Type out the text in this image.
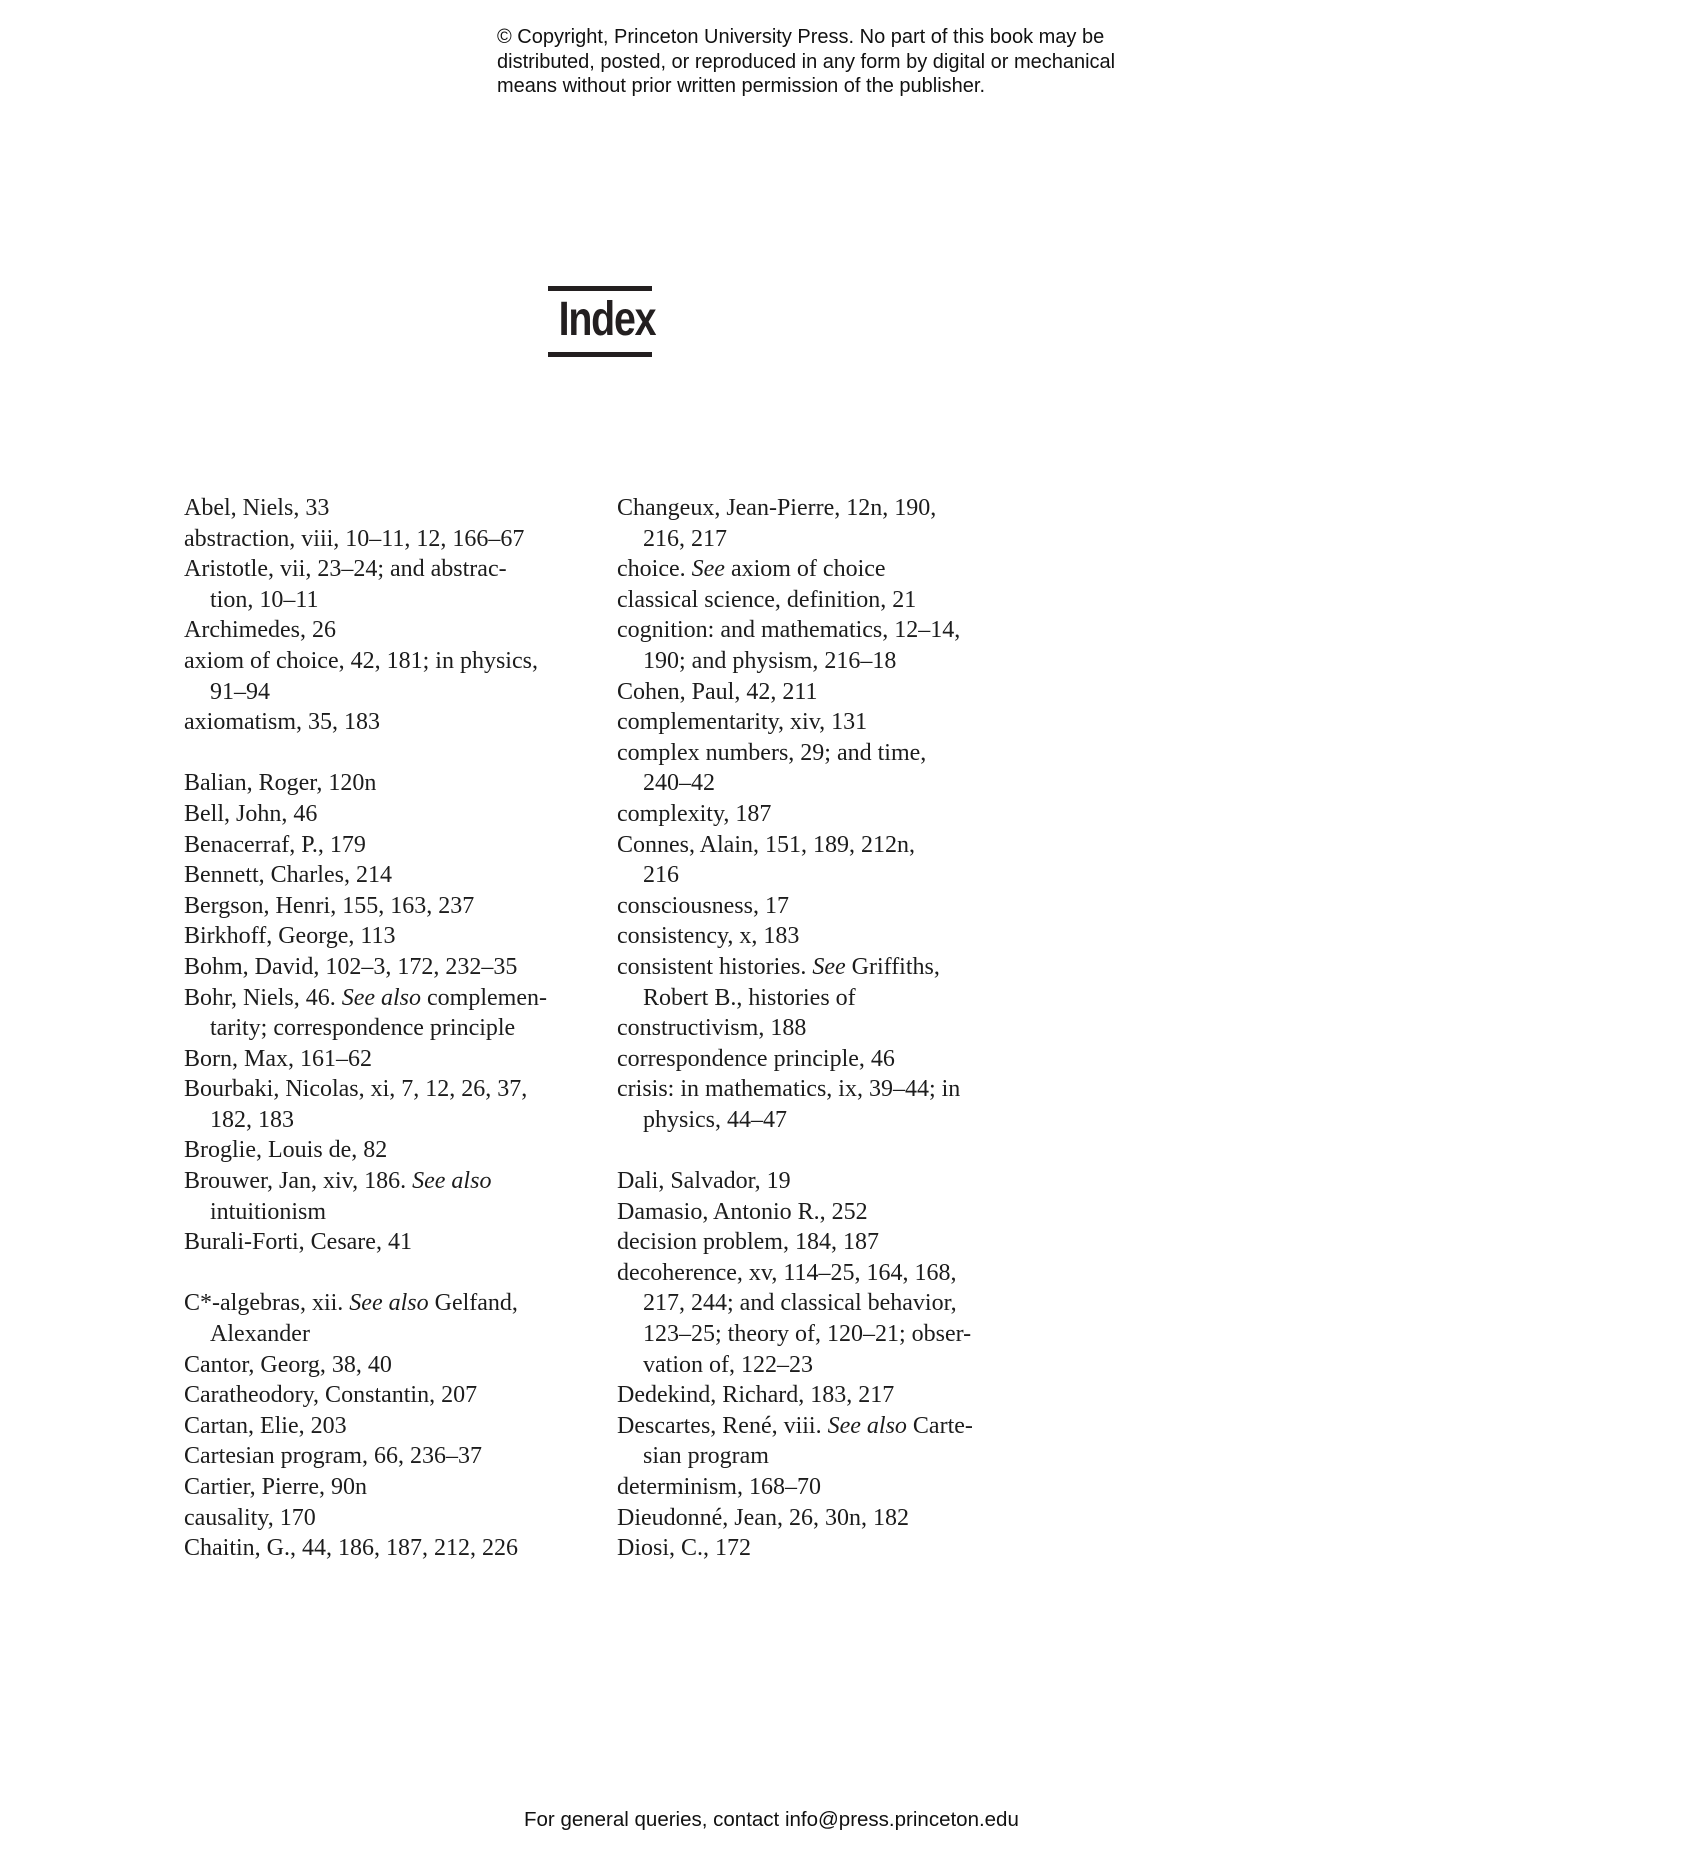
© Copyright, Princeton University Press. No part of this book may be
distributed, posted, or reproduced in any form by digital or mechanical
means without prior written permission of the publisher.
Index
Abel, Niels, 33
abstraction, viii, 10–11, 12, 166–67
Aristotle, vii, 23–24; and abstrac-
tion, 10–11
Archimedes, 26
axiom of choice, 42, 181; in physics,
91–94
axiomatism, 35, 183
Balian, Roger, 120n
Bell, John, 46
Benacerraf, P., 179
Bennett, Charles, 214
Bergson, Henri, 155, 163, 237
Birkhoff, George, 113
Bohm, David, 102–3, 172, 232–35
Bohr, Niels, 46. See also complemen-
tarity; correspondence principle
Born, Max, 161–62
Bourbaki, Nicolas, xi, 7, 12, 26, 37,
182, 183
Broglie, Louis de, 82
Brouwer, Jan, xiv, 186. See also
intuitionism
Burali-Forti, Cesare, 41
C*-algebras, xii. See also Gelfand,
Alexander
Cantor, Georg, 38, 40
Caratheodory, Constantin, 207
Cartan, Elie, 203
Cartesian program, 66, 236–37
Cartier, Pierre, 90n
causality, 170
Chaitin, G., 44, 186, 187, 212, 226
Changeux, Jean-Pierre, 12n, 190,
216, 217
choice. See axiom of choice
classical science, definition, 21
cognition: and mathematics, 12–14,
190; and physism, 216–18
Cohen, Paul, 42, 211
complementarity, xiv, 131
complex numbers, 29; and time,
240–42
complexity, 187
Connes, Alain, 151, 189, 212n,
216
consciousness, 17
consistency, x, 183
consistent histories. See Griffiths,
Robert B., histories of
constructivism, 188
correspondence principle, 46
crisis: in mathematics, ix, 39–44; in
physics, 44–47
Dali, Salvador, 19
Damasio, Antonio R., 252
decision problem, 184, 187
decoherence, xv, 114–25, 164, 168,
217, 244; and classical behavior,
123–25; theory of, 120–21; obser-
vation of, 122–23
Dedekind, Richard, 183, 217
Descartes, René, viii. See also Carte-
sian program
determinism, 168–70
Dieudonné, Jean, 26, 30n, 182
Diosi, C., 172
For general queries, contact info@press.princeton.edu
